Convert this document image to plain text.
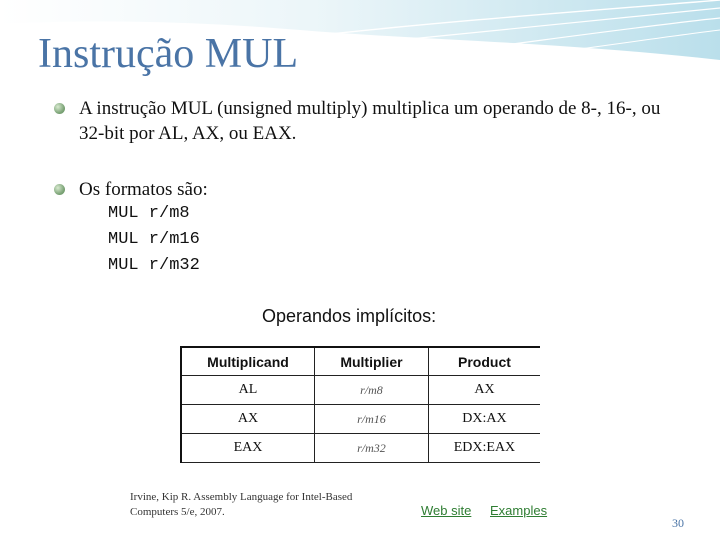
Instrução MUL
A instrução MUL (unsigned multiply) multiplica um operando de 8-, 16-, ou 32-bit por AL, AX, ou EAX.
Os formatos são:
MUL r/m8
MUL r/m16
MUL r/m32
Operandos implícitos:
Multiplicand	Multiplier	Product
AL	r/m8	AX
AX	r/m16	DX:AX
EAX	r/m32	EDX:EAX
Irvine, Kip R. Assembly Language for Intel-Based Computers 5/e, 2007.	Web site Examples
30
